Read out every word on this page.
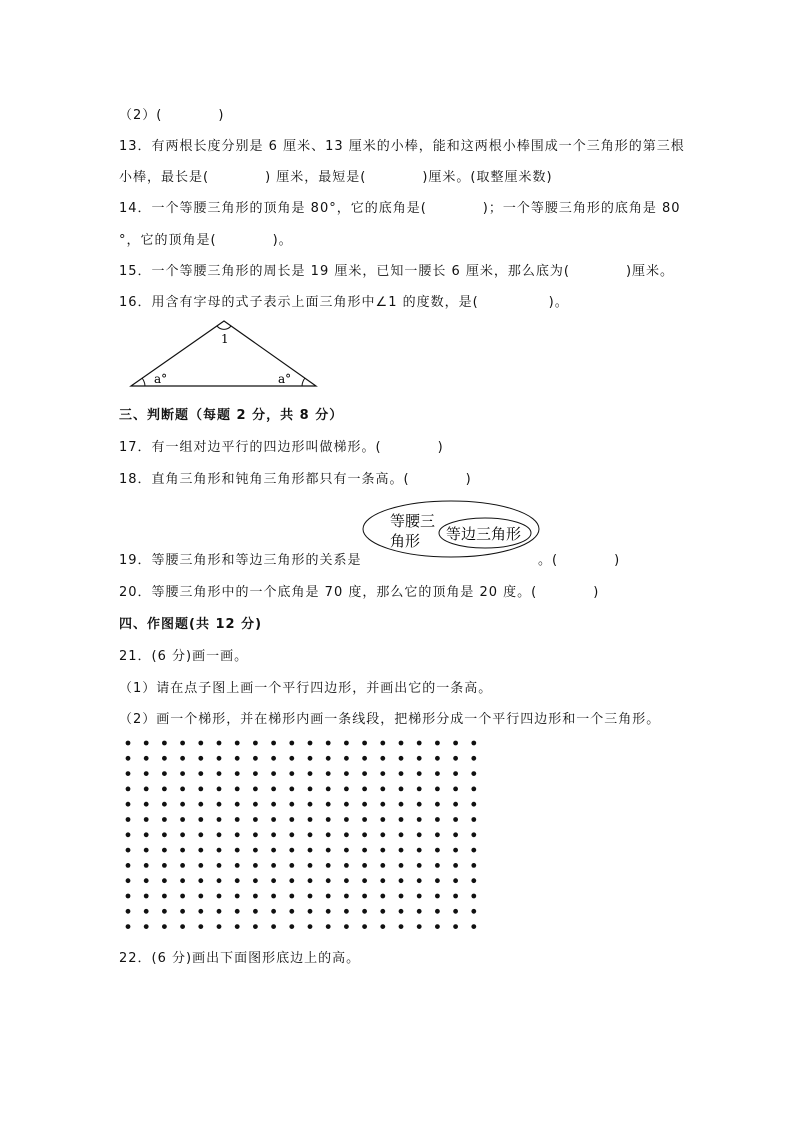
（2）(　　　　)
13．有两根长度分别是 6 厘米、13 厘米的小棒，能和这两根小棒围成一个三角形的第三根
小棒，最长是(　　　　) 厘米，最短是(　　　　)厘米。(取整厘米数)
14．一个等腰三角形的顶角是 80°，它的底角是(　　　　)；一个等腰三角形的底角是 80
°，它的顶角是(　　　　)。
15．一个等腰三角形的周长是 19 厘米，已知一腰长 6 厘米，那么底为(　　　　)厘米。
16．用含有字母的式子表示上面三角形中∠1 的度数，是(　　　　　)。
1
a°	a°
三、判断题（每题 2 分，共 8 分）
17．有一组对边平行的四边形叫做梯形。(　　　　)
18．直角三角形和钝角三角形都只有一条高。(　　　　)
等腰三
角形 等边三角形
19．等腰三角形和等边三角形的关系是	。(　　　　)
20．等腰三角形中的一个底角是 70 度，那么它的顶角是 20 度。(　　　　)
四、作图题(共 12 分)
21．(6 分)画一画。
（1）请在点子图上画一个平行四边形，并画出它的一条高。
（2）画一个梯形，并在梯形内画一条线段，把梯形分成一个平行四边形和一个三角形。
22．(6 分)画出下面图形底边上的高。
